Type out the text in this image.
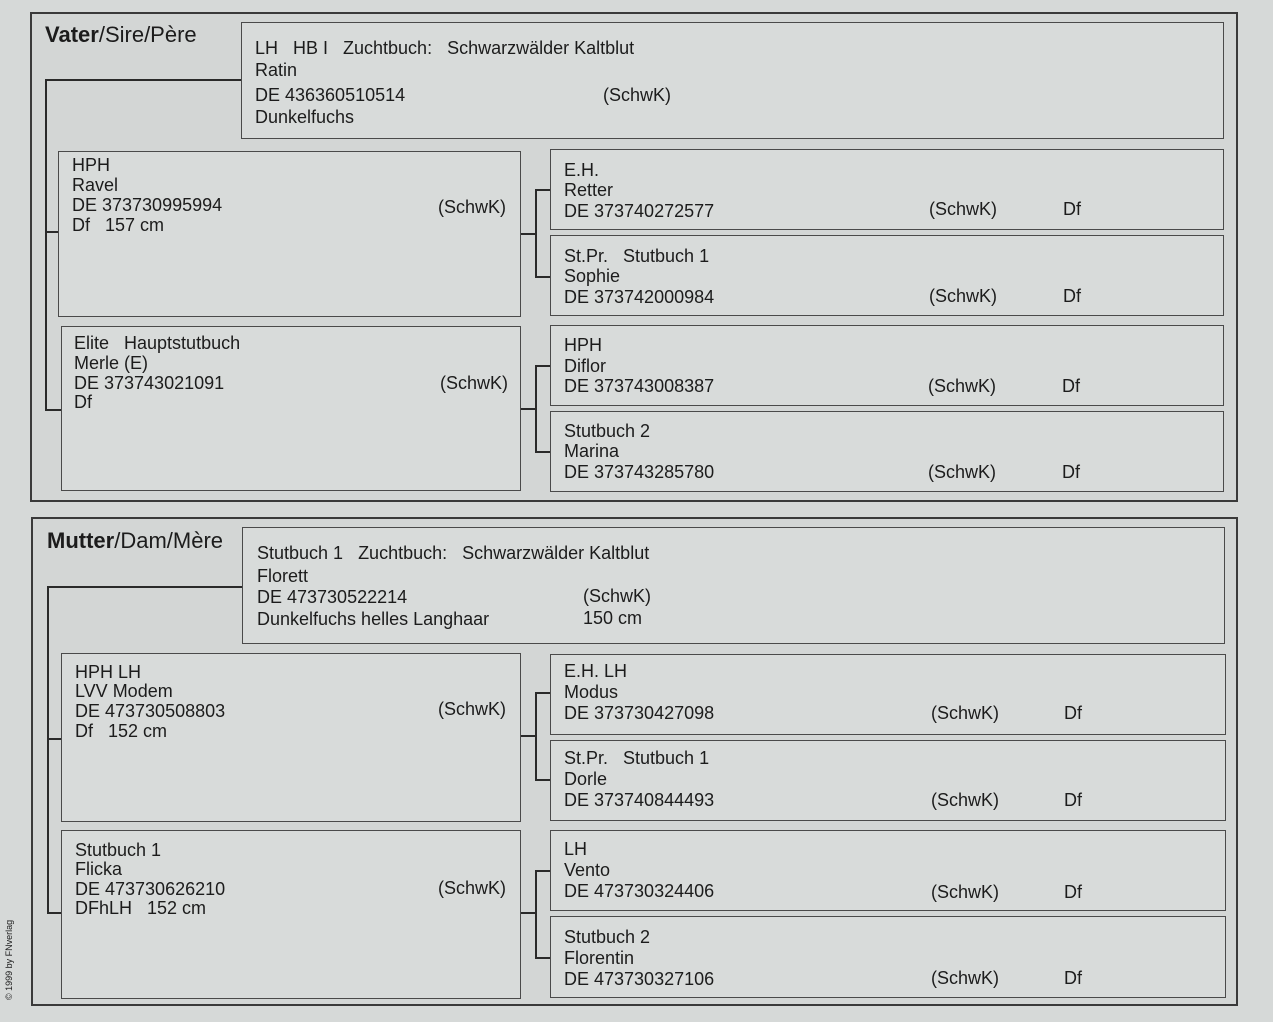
Vater/Sire/Père
LH   HB I   Zuchtbuch:   Schwarzwälder Kaltblut
Ratin
DE 436360510514	(SchwK)
Dunkelfuchs
HPH
Ravel
DE 373730995994	(SchwK)
Df   157 cm
Elite   Hauptstutbuch
Merle (E)
DE 373743021091	(SchwK)
Df
E.H.
Retter
DE 373740272577	(SchwK)	Df
St.Pr.   Stutbuch 1
Sophie
DE 373742000984	(SchwK)	Df
HPH
Diflor
DE 373743008387	(SchwK)	Df
Stutbuch 2
Marina
DE 373743285780	(SchwK)	Df
Mutter/Dam/Mère Stutbuch 1   Zuchtbuch:   Schwarzwälder Kaltblut
Florett
DE 473730522214	(SchwK)
Dunkelfuchs helles Langhaar	150 cm
HPH LH
LVV Modem
DE 473730508803	(SchwK)
Df   152 cm
Stutbuch 1
Flicka
DE 473730626210	(SchwK)
DFhLH   152 cm
E.H. LH
Modus
DE 373730427098	(SchwK)	Df
St.Pr.   Stutbuch 1
Dorle
DE 373740844493	(SchwK)	Df
LH
Vento
DE 473730324406	(SchwK)	Df
Stutbuch 2
Florentin
DE 473730327106	(SchwK)	Df
© 1999 by FNverlag
